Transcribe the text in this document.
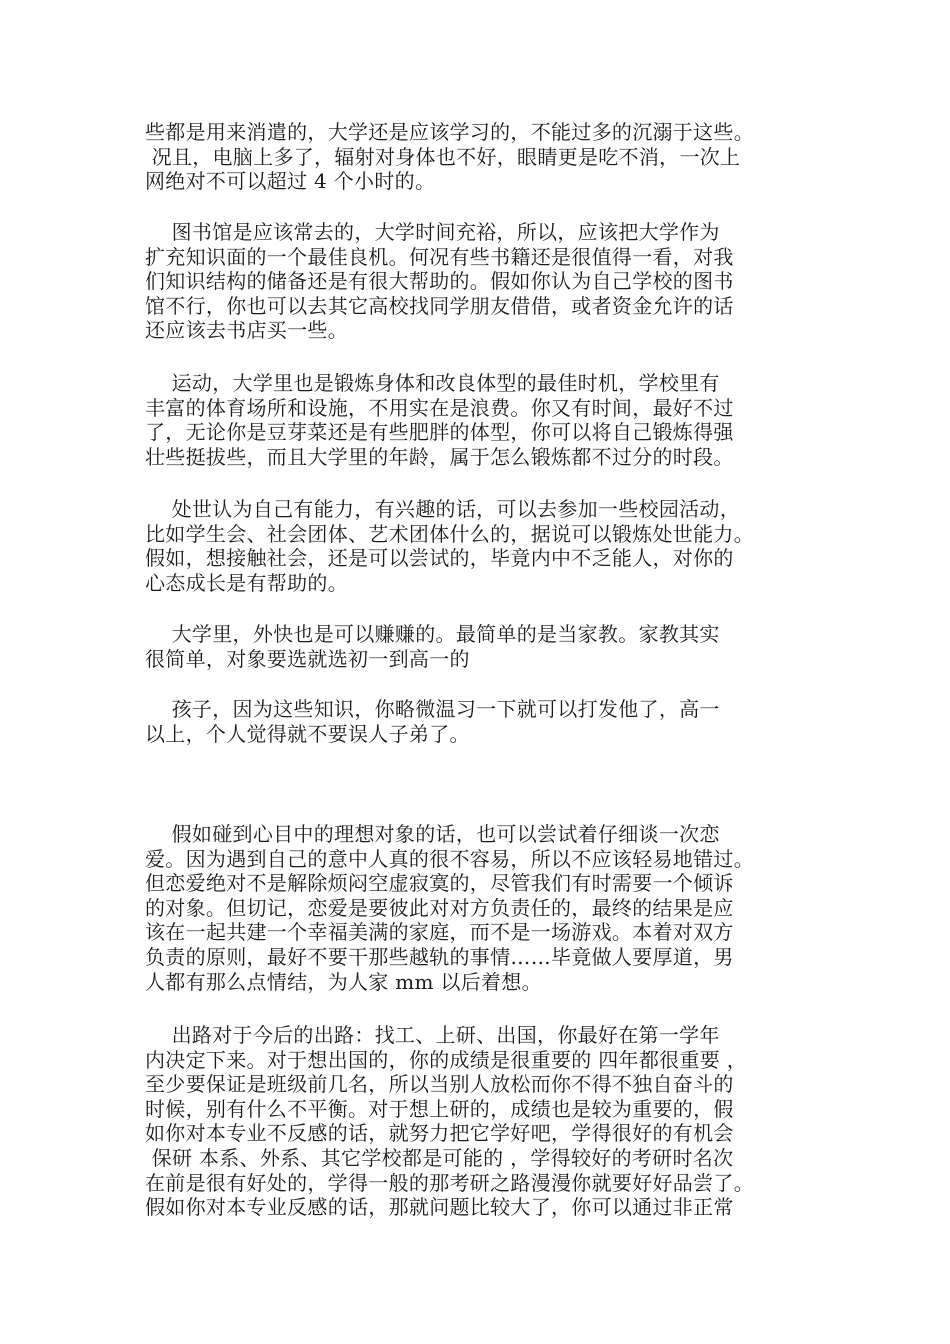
些都是用来消遣的，大学还是应该学习的，不能过多的沉溺于这些。
况且，电脑上多了，辐射对身体也不好，眼睛更是吃不消，一次上
网绝对不可以超过 4 个小时的。
图书馆是应该常去的，大学时间充裕，所以，应该把大学作为
扩充知识面的一个最佳良机。何况有些书籍还是很值得一看，对我
们知识结构的储备还是有很大帮助的。假如你认为自己学校的图书
馆不行，你也可以去其它高校找同学朋友借借，或者资金允许的话
还应该去书店买一些。
运动，大学里也是锻炼身体和改良体型的最佳时机，学校里有
丰富的体育场所和设施，不用实在是浪费。你又有时间，最好不过
了，无论你是豆芽菜还是有些肥胖的体型，你可以将自己锻炼得强
壮些挺拔些，而且大学里的年龄，属于怎么锻炼都不过分的时段。
处世认为自己有能力，有兴趣的话，可以去参加一些校园活动，
比如学生会、社会团体、艺术团体什么的，据说可以锻炼处世能力。
假如，想接触社会，还是可以尝试的，毕竟内中不乏能人，对你的
心态成长是有帮助的。
大学里，外快也是可以赚赚的。最简单的是当家教。家教其实
很简单，对象要选就选初一到高一的
孩子，因为这些知识，你略微温习一下就可以打发他了，高一
以上，个人觉得就不要误人子弟了。
假如碰到心目中的理想对象的话，也可以尝试着仔细谈一次恋
爱。因为遇到自己的意中人真的很不容易，所以不应该轻易地错过。
但恋爱绝对不是解除烦闷空虚寂寞的，尽管我们有时需要一个倾诉
的对象。但切记，恋爱是要彼此对对方负责任的，最终的结果是应
该在一起共建一个幸福美满的家庭，而不是一场游戏。本着对双方
负责的原则，最好不要干那些越轨的事情……毕竟做人要厚道，男
人都有那么点情结，为人家 mm 以后着想。
出路对于今后的出路：找工、上研、出国，你最好在第一学年
内决定下来。对于想出国的，你的成绩是很重要的 四年都很重要 ，
至少要保证是班级前几名，所以当别人放松而你不得不独自奋斗的
时候，别有什么不平衡。对于想上研的，成绩也是较为重要的，假
如你对本专业不反感的话，就努力把它学好吧，学得很好的有机会
保研 本系、外系、其它学校都是可能的 ，学得较好的考研时名次
在前是很有好处的，学得一般的那考研之路漫漫你就要好好品尝了。
假如你对本专业反感的话，那就问题比较大了，你可以通过非正常
